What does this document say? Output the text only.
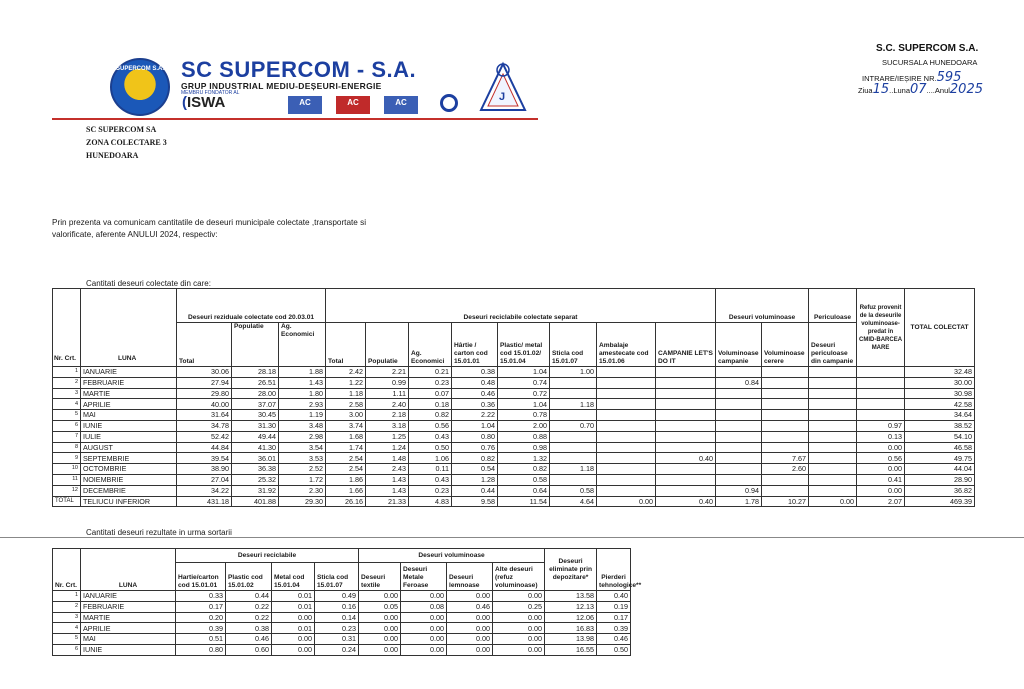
SUPERCOM S.A. SC SUPERCOM - S.A.
GRUP INDUSTRIAL MEDIU-DEȘEURI-ENERGIE
MEMBRU FONDATOR AL
(ISWA	AC	AC	AC	J
S.C. SUPERCOM S.A.
SUCURSALA HUNEDOARA
INTRARE/IEȘIRE NR.595
Ziua15..Luna07....Anul2025
SC SUPERCOM SA
ZONA COLECTARE 3
HUNEDOARA
Prin prezenta va comunicam cantitatile de deseuri municipale colectate ,transportate si valorificate, aferente ANULUI 2024, respectiv:
Cantitati deseuri colectate din care:
		Deseuri reziduale colectate cod 20.03.01			Deseuri reciclabile colectate separat								Deseuri voluminoase		Periculoase	Refuz provenit de la deseurile voluminoase-predat în CMID-BARCEA MARE	TOTAL COLECTAT
		Total	Populatie	Ag. Economici	Total	Populatie	Ag. Economici	Hârtie / carton cod 15.01.01	Plastic/ metal cod 15.01.02/ 15.01.04	Sticla cod 15.01.07	Ambalaje amestecate cod 15.01.06	CAMPANIE LET'S DO IT	Voluminoase campanie	Voluminoase cerere	Deseuri periculoase din campanie		
1	IANUARIE	30.06	28.18	1.88	2.42	2.21	0.21	0.38	1.04	1.00							32.48
2	FEBRUARIE	27.94	26.51	1.43	1.22	0.99	0.23	0.48	0.74				0.84				30.00
3	MARTIE	29.80	28.00	1.80	1.18	1.11	0.07	0.46	0.72								30.98
4	APRILIE	40.00	37.07	2.93	2.58	2.40	0.18	0.36	1.04	1.18							42.58
5	MAI	31.64	30.45	1.19	3.00	2.18	0.82	2.22	0.78								34.64
6	IUNIE	34.78	31.30	3.48	3.74	3.18	0.56	1.04	2.00	0.70						0.97	38.52
7	IULIE	52.42	49.44	2.98	1.68	1.25	0.43	0.80	0.88							0.13	54.10
8	AUGUST	44.84	41.30	3.54	1.74	1.24	0.50	0.76	0.98							0.00	46.58
9	SEPTEMBRIE	39.54	36.01	3.53	2.54	1.48	1.06	0.82	1.32			0.40		7.67		0.56	49.75
10	OCTOMBRIE	38.90	36.38	2.52	2.54	2.43	0.11	0.54	0.82	1.18				2.60		0.00	44.04
11	NOIEMBRIE	27.04	25.32	1.72	1.86	1.43	0.43	1.28	0.58							0.41	28.90
12	DECEMBRIE	34.22	31.92	2.30	1.66	1.43	0.23	0.44	0.64	0.58			0.94			0.00	36.82
TOTAL	TELIUCU INFERIOR	431.18	401.88	29.30	26.16	21.33	4.83	9.58	11.54	4.64	0.00	0.40	1.78	10.27	0.00	2.07	469.39
Nr. Crt.	LUNA
Cantitati deseuri rezultate in urma sortarii
Nr. Crt.	LUNA	Deseuri reciclabile				Deseuri voluminoase				Deseuri eliminate prin depozitare*	Pierderi tehnologice**
		Hartie/carton cod 15.01.01	Plastic cod 15.01.02	Metal cod 15.01.04	Sticla cod 15.01.07	Deseuri textile	Deseuri Metale Feroase	Deseuri lemnoase	Alte deseuri (refuz voluminoase)		
1	IANUARIE	0.33	0.44	0.01	0.49	0.00	0.00	0.00	0.00	13.58	0.40
2	FEBRUARIE	0.17	0.22	0.01	0.16	0.05	0.08	0.46	0.25	12.13	0.19
3	MARTIE	0.20	0.22	0.00	0.14	0.00	0.00	0.00	0.00	12.06	0.17
4	APRILIE	0.39	0.38	0.01	0.23	0.00	0.00	0.00	0.00	16.83	0.39
5	MAI	0.51	0.46	0.00	0.31	0.00	0.00	0.00	0.00	13.98	0.46
6	IUNIE	0.80	0.60	0.00	0.24	0.00	0.00	0.00	0.00	16.55	0.50
